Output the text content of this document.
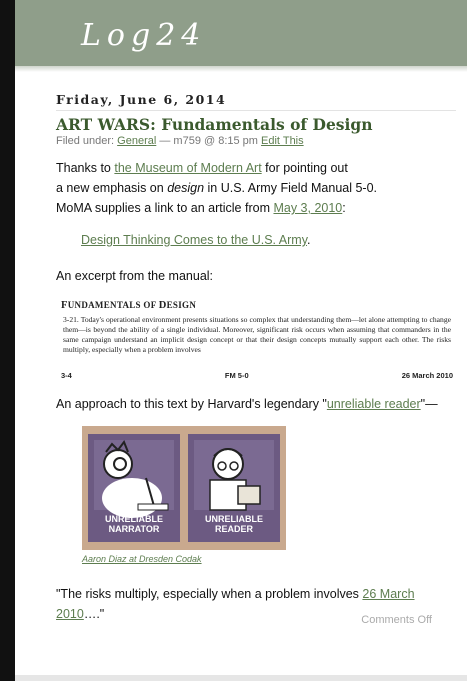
Log24
Friday, June 6, 2014
ART WARS: Fundamentals of Design
Filed under: General — m759 @ 8:15 pm Edit This
Thanks to the Museum of Modern Art for pointing out
a new emphasis on design in U.S. Army Field Manual 5-0.
MoMA supplies a link to an article from May 3, 2010:
Design Thinking Comes to the U.S. Army.
An excerpt from the manual:
FUNDAMENTALS OF DESIGN
3-21. Today's operational environment presents situations so complex that understanding them—let alone attempting to change them—is beyond the ability of a single individual. Moreover, significant risk occurs when assuming that commanders in the same campaign understand an implicit design concept or that their design concepts mutually support each other. The risks multiply, especially when a problem involves
3-4	FM 5-0	26 March 2010
An approach to this text by Harvard's legendary "unreliable reader"—
UNRELIABLE
NARRATOR
UNRELIABLE
READER
Aaron Diaz at Dresden Codak
"The risks multiply, especially when a problem involves 26 March 2010…."	Comments Off
